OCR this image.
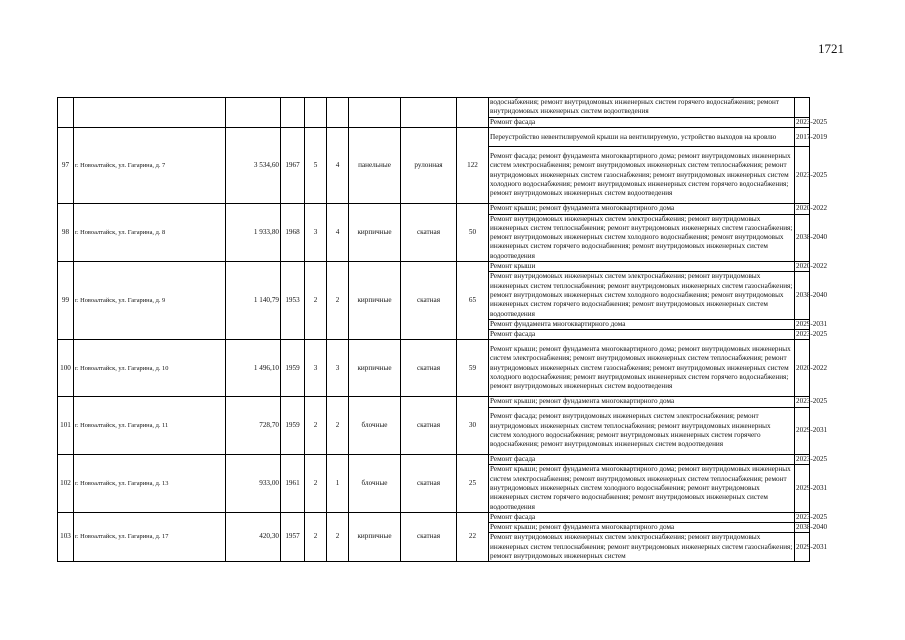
1721
									водоснабжения; ремонт внутридомовых инженерных систем горячего водоснабжения; ремонт внутридомовых инженерных систем водоотведения	
									Ремонт фасада	2023-2025
97	г. Новоалтайск, ул. Гагарина, д. 7	3 534,60	1967	5	4	панельные	рулонная	122	Переустройство невентилируемой крыши на вентилируемую, устройство выходов на кровлю	2017-2019
									Ремонт фасада; ремонт фундамента многоквартирного дома; ремонт внутридомовых инженерных систем электроснабжения; ремонт внутридомовых инженерных систем теплоснабжения; ремонт внутридомовых инженерных систем газоснабжения; ремонт внутридомовых инженерных систем холодного водоснабжения; ремонт внутридомовых инженерных систем горячего водоснабжения; ремонт внутридомовых инженерных систем водоотведения	2023-2025
98	г. Новоалтайск, ул. Гагарина, д. 8	1 933,80	1968	3	4	кирпичные	скатная	50	Ремонт крыши; ремонт фундамента многоквартирного дома	2020-2022
									Ремонт внутридомовых инженерных систем электроснабжения; ремонт внутридомовых инженерных систем теплоснабжения; ремонт внутридомовых инженерных систем газоснабжения; ремонт внутридомовых инженерных систем холодного водоснабжения; ремонт внутридомовых инженерных систем горячего водоснабжения; ремонт внутридомовых инженерных систем водоотведения	2038-2040
99	г. Новоалтайск, ул. Гагарина, д. 9	1 140,79	1953	2	2	кирпичные	скатная	65	Ремонт крыши	2020-2022
									Ремонт внутридомовых инженерных систем электроснабжения; ремонт внутридомовых инженерных систем теплоснабжения; ремонт внутридомовых инженерных систем газоснабжения; ремонт внутридомовых инженерных систем холодного водоснабжения; ремонт внутридомовых инженерных систем горячего водоснабжения; ремонт внутридомовых инженерных систем водоотведения	2038-2040
									Ремонт фундамента многоквартирного дома	2029-2031
									Ремонт фасада	2023-2025
100	г. Новоалтайск, ул. Гагарина, д. 10	1 496,10	1959	3	3	кирпичные	скатная	59	Ремонт крыши; ремонт фундамента многоквартирного дома; ремонт внутридомовых инженерных систем электроснабжения; ремонт внутридомовых инженерных систем теплоснабжения; ремонт внутридомовых инженерных систем газоснабжения; ремонт внутридомовых инженерных систем холодного водоснабжения; ремонт внутридомовых инженерных систем горячего водоснабжения; ремонт внутридомовых инженерных систем водоотведения	2020-2022
101	г. Новоалтайск, ул. Гагарина, д. 11	728,70	1959	2	2	блочные	скатная	30	Ремонт крыши; ремонт фундамента многоквартирного дома	2023-2025
									Ремонт фасада; ремонт внутридомовых инженерных систем электроснабжения; ремонт внутридомовых инженерных систем теплоснабжения; ремонт внутридомовых инженерных систем холодного водоснабжения; ремонт внутридомовых инженерных систем горячего водоснабжения; ремонт внутридомовых инженерных систем водоотведения	2029-2031
102	г. Новоалтайск, ул. Гагарина, д. 13	933,00	1961	2	1	блочные	скатная	25	Ремонт фасада	2023-2025
									Ремонт крыши; ремонт фундамента многоквартирного дома; ремонт внутридомовых инженерных систем электроснабжения; ремонт внутридомовых инженерных систем теплоснабжения; ремонт внутридомовых инженерных систем холодного водоснабжения; ремонт внутридомовых инженерных систем горячего водоснабжения; ремонт внутридомовых инженерных систем водоотведения	2029-2031
103	г. Новоалтайск, ул. Гагарина, д. 17	420,30	1957	2	2	кирпичные	скатная	22	Ремонт фасада	2023-2025
									Ремонт крыши; ремонт фундамента многоквартирного дома	2038-2040
									Ремонт внутридомовых инженерных систем электроснабжения; ремонт внутридомовых инженерных систем теплоснабжения; ремонт внутридомовых инженерных систем газоснабжения; ремонт внутридомовых инженерных систем	2029-2031
